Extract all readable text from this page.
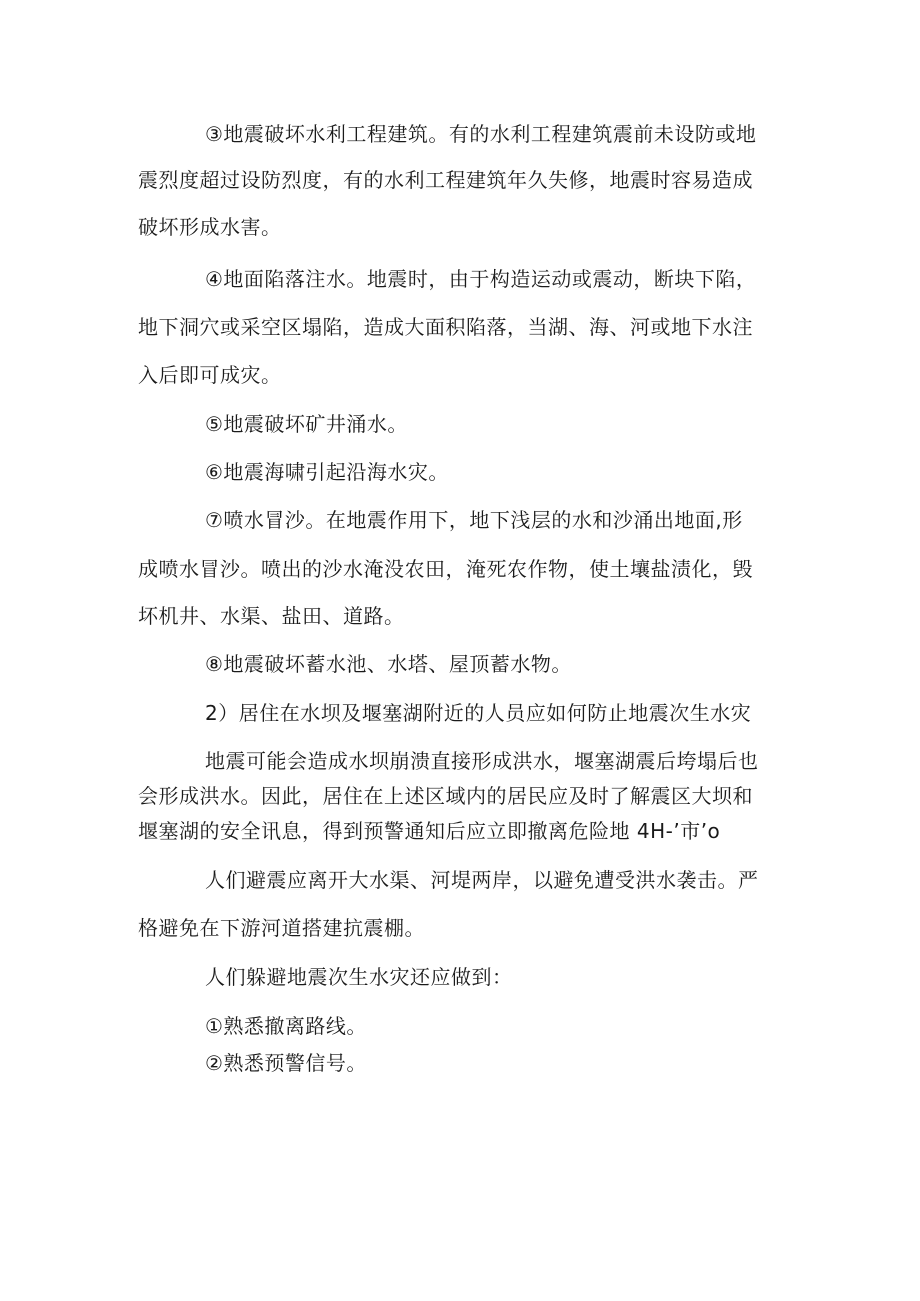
③地震破坏水利工程建筑。有的水利工程建筑震前未设防或地
震烈度超过设防烈度，有的水利工程建筑年久失修，地震时容易造成
破坏形成水害。
④地面陷落注水。地震时，由于构造运动或震动，断块下陷，
地下洞穴或采空区塌陷，造成大面积陷落，当湖、海、河或地下水注
入后即可成灾。
⑤地震破坏矿井涌水。
⑥地震海啸引起沿海水灾。
⑦喷水冒沙。在地震作用下，地下浅层的水和沙涌出地面,形
成喷水冒沙。喷出的沙水淹没农田，淹死农作物，使土壤盐渍化，毁
坏机井、水渠、盐田、道路。
⑧地震破坏蓄水池、水塔、屋顶蓄水物。
2）居住在水坝及堰塞湖附近的人员应如何防止地震次生水灾
地震可能会造成水坝崩溃直接形成洪水，堰塞湖震后垮塌后也
会形成洪水。因此，居住在上述区域内的居民应及时了解震区大坝和
堰塞湖的安全讯息，得到预警通知后应立即撤离危险地 4H-’市’o
人们避震应离开大水渠、河堤两岸，以避免遭受洪水袭击。严
格避免在下游河道搭建抗震棚。
人们躲避地震次生水灾还应做到：
①熟悉撤离路线。
②熟悉预警信号。
